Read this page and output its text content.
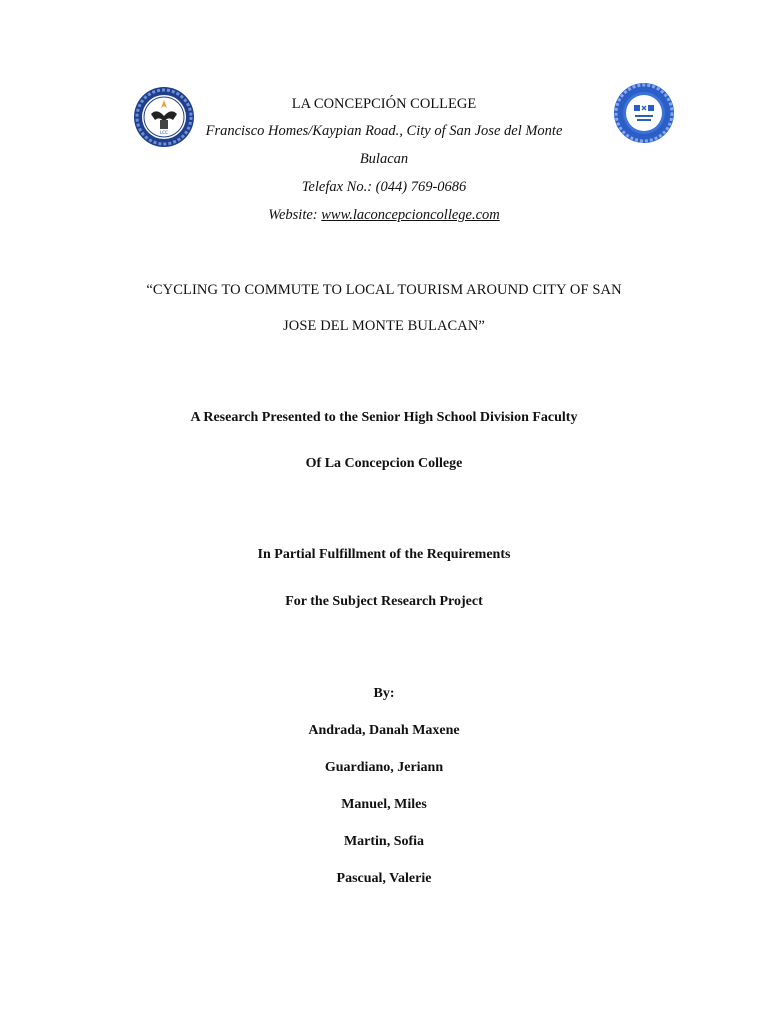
LCC
LA CONCEPCIÓN COLLEGE
Francisco Homes/Kaypian Road., City of San Jose del Monte
Bulacan
Telefax No.: (044) 769-0686
Website: www.laconcepcioncollege.com
“CYCLING TO COMMUTE TO LOCAL TOURISM AROUND CITY OF SAN
JOSE DEL MONTE BULACAN”
A Research Presented to the Senior High School Division Faculty
Of La Concepcion College
In Partial Fulfillment of the Requirements
For the Subject Research Project
By:
Andrada, Danah Maxene
Guardiano, Jeriann
Manuel, Miles
Martin, Sofia
Pascual, Valerie
